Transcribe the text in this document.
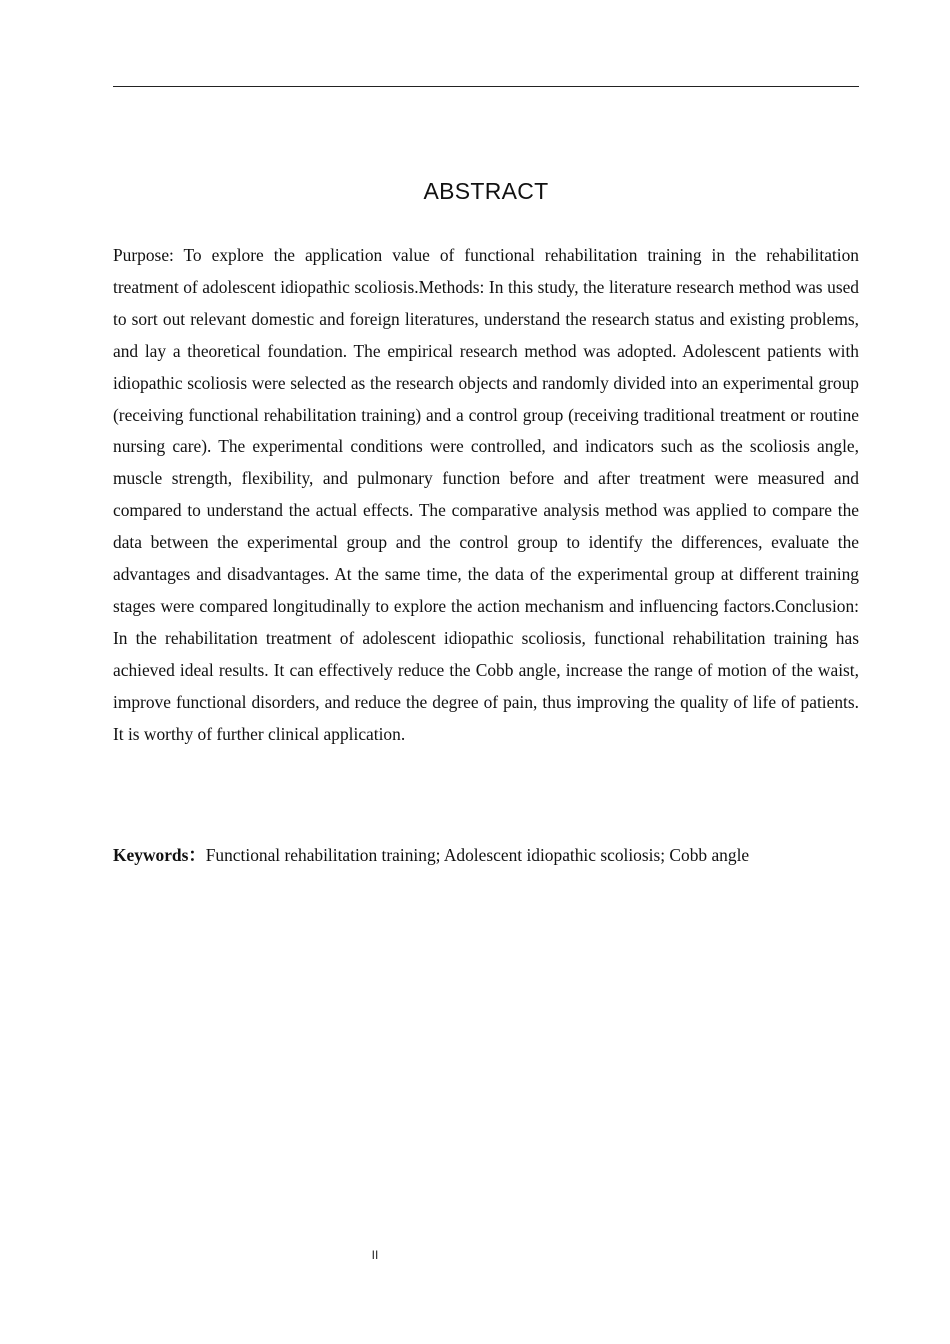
ABSTRACT

Purpose: To explore the application value of functional rehabilitation training in the rehabilitation treatment of adolescent idiopathic scoliosis.Methods: In this study, the literature research method was used to sort out relevant domestic and foreign literatures, understand the research status and existing problems, and lay a theoretical foundation. The empirical research method was adopted. Adolescent patients with idiopathic scoliosis were selected as the research objects and randomly divided into an experimental group (receiving functional rehabilitation training) and a control group (receiving traditional treatment or routine nursing care). The experimental conditions were controlled, and indicators such as the scoliosis angle, muscle strength, flexibility, and pulmonary function before and after treatment were measured and compared to understand the actual effects. The comparative analysis method was applied to compare the data between the experimental group and the control group to identify the differences, evaluate the advantages and disadvantages. At the same time, the data of the experimental group at different training stages were compared longitudinally to explore the action mechanism and influencing factors.Conclusion: In the rehabilitation treatment of adolescent idiopathic scoliosis, functional rehabilitation training has achieved ideal results. It can effectively reduce the Cobb angle, increase the range of motion of the waist, improve functional disorders, and reduce the degree of pain, thus improving the quality of life of patients. It is worthy of further clinical application.

Keywords：Functional rehabilitation training; Adolescent idiopathic scoliosis; Cobb angle

II
